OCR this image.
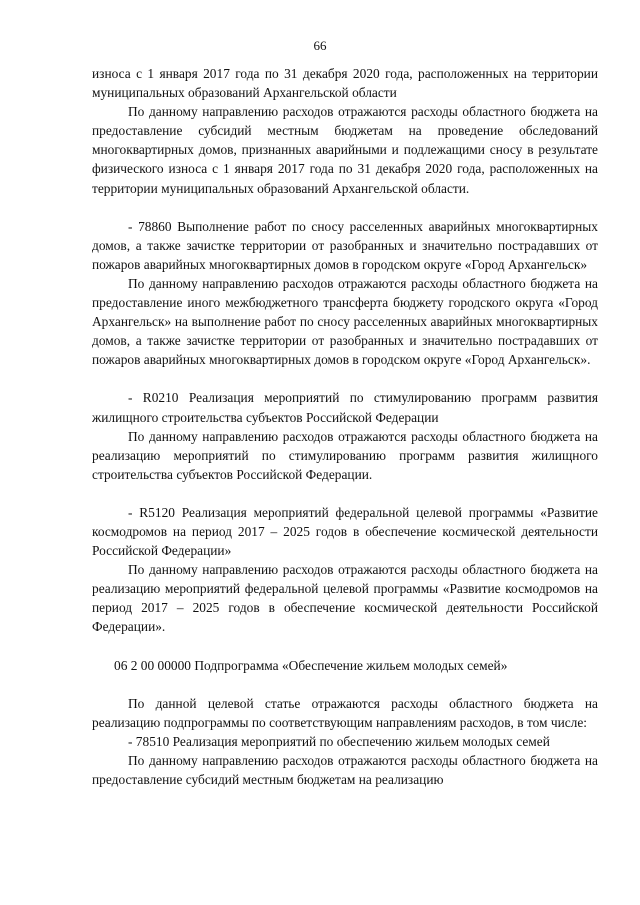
66

износа с 1 января 2017 года по 31 декабря 2020 года, расположенных на территории муниципальных образований Архангельской области

По данному направлению расходов отражаются расходы областного бюджета на предоставление субсидий местным бюджетам на проведение обследований многоквартирных домов, признанных аварийными и подлежащими сносу в результате физического износа с 1 января 2017 года по 31 декабря 2020 года, расположенных на территории муниципальных образований Архангельской области.

- 78860 Выполнение работ по сносу расселенных аварийных многоквартирных домов, а также зачистке территории от разобранных и значительно пострадавших от пожаров аварийных многоквартирных домов в городском округе «Город Архангельск»

По данному направлению расходов отражаются расходы областного бюджета на предоставление иного межбюджетного трансферта бюджету городского округа «Город Архангельск» на выполнение работ по сносу расселенных аварийных многоквартирных домов, а также зачистке территории от разобранных и значительно пострадавших от пожаров аварийных многоквартирных домов в городском округе «Город Архангельск».

- R0210 Реализация мероприятий по стимулированию программ развития жилищного строительства субъектов Российской Федерации

По данному направлению расходов отражаются расходы областного бюджета на реализацию мероприятий по стимулированию программ развития жилищного строительства субъектов Российской Федерации.

- R5120 Реализация мероприятий федеральной целевой программы «Развитие космодромов на период 2017 – 2025 годов в обеспечение космической деятельности Российской Федерации»

По данному направлению расходов отражаются расходы областного бюджета на реализацию мероприятий федеральной целевой программы «Развитие космодромов на период 2017 – 2025 годов в обеспечение космической деятельности Российской Федерации».

06 2 00 00000 Подпрограмма «Обеспечение жильем молодых семей»

По данной целевой статье отражаются расходы областного бюджета на реализацию подпрограммы по соответствующим направлениям расходов, в том числе:

- 78510 Реализация мероприятий по обеспечению жильем молодых семей

По данному направлению расходов отражаются расходы областного бюджета на предоставление субсидий местным бюджетам на реализацию
